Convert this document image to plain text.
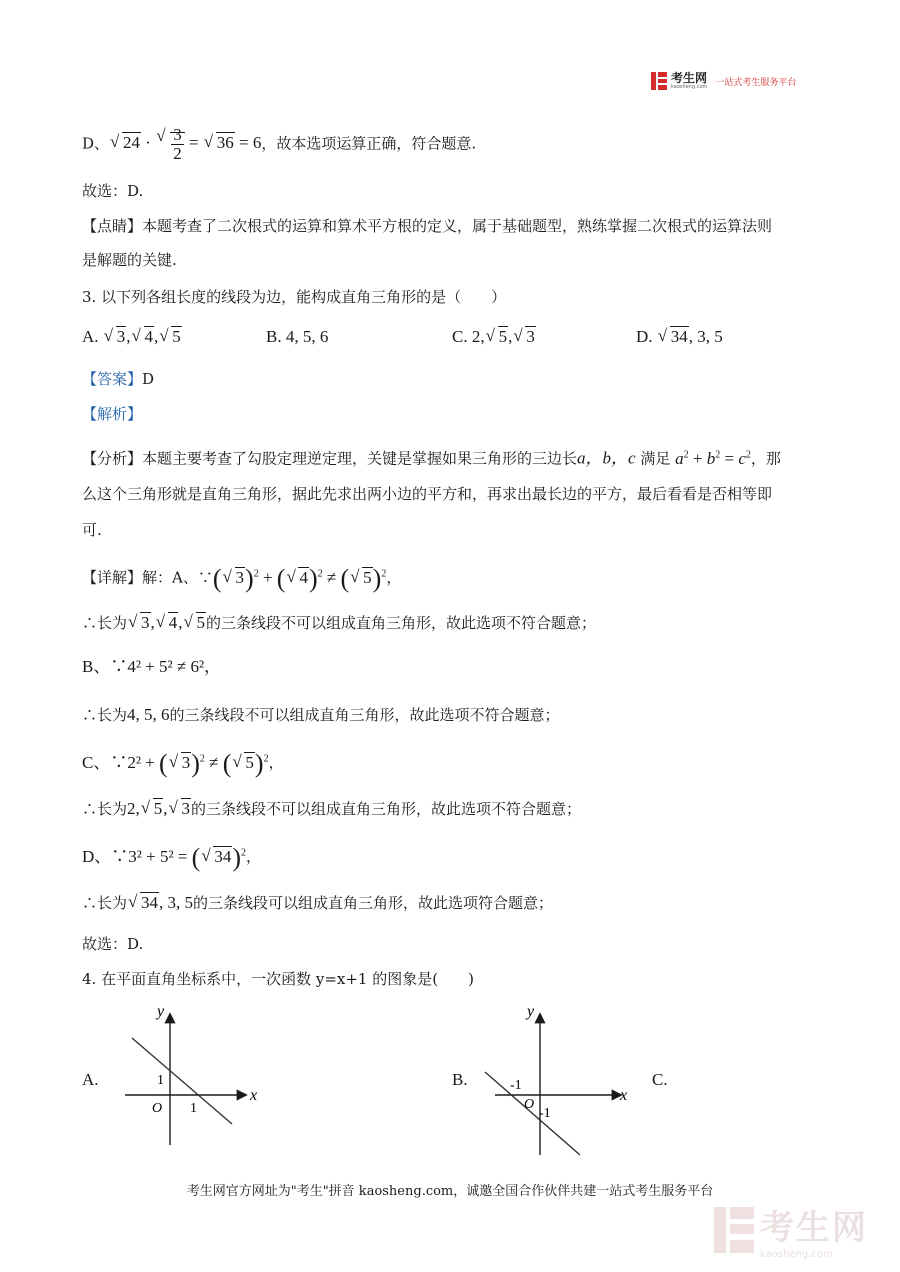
考生网
kaosheng.com 一站式考生服务平台
D、 √ 24 · √ $\frac{3}{2}$ = √ 36 = 6，故本选项运算正确，符合题意.
故选：D.
【点睛】本题考查了二次根式的运算和算术平方根的定义，属于基础题型，熟练掌握二次根式的运算法则
是解题的关键.
3. 以下列各组长度的线段为边，能构成直角三角形的是（　　）
A. √ 3, √ 4, √ 5	B. 4, 5, 6	C. 2, √ 5, √ 3	D. √ 34, 3, 5
【答案】D
【解析】
【分析】本题主要考查了勾股定理逆定理，关键是掌握如果三角形的三边长a，b，c 满足 $a^2 + b^2 = c^2$，那
么这个三角形就是直角三角形，据此先求出两小边的平方和，再求出最长边的平方，最后看看是否相等即
可.
【详解】解：A、∵( √ 3)$^2$ + ( √ 4)$^2$ ≠ ( √ 5)$^2$，
∴长为 √ 3, √ 4, √ 5的三条线段不可以组成直角三角形，故此选项不符合题意；
B、∵4² + 5² ≠ 6²，
∴长为4, 5, 6的三条线段不可以组成直角三角形，故此选项不符合题意；
C、∵2² + ( √ 3)$^2$ ≠ ( √ 5)$^2$，
∴长为2, √ 5, √ 3的三条线段不可以组成直角三角形，故此选项不符合题意；
D、∵3² + 5² = ( √ 34)$^2$，
∴长为 √ 34, 3, 5的三条线段可以组成直角三角形，故此选项符合题意；
故选：D.
4. 在平面直角坐标系中，一次函数 y=x+1 的图象是(　　)
A.
y
x
O
1
1
B.
y
x
O
-1
-1
C.
考生网官方网址为"考生"拼音 kaosheng.com，诚邀全国合作伙伴共建一站式考生服务平台
考生网
kaosheng.com
